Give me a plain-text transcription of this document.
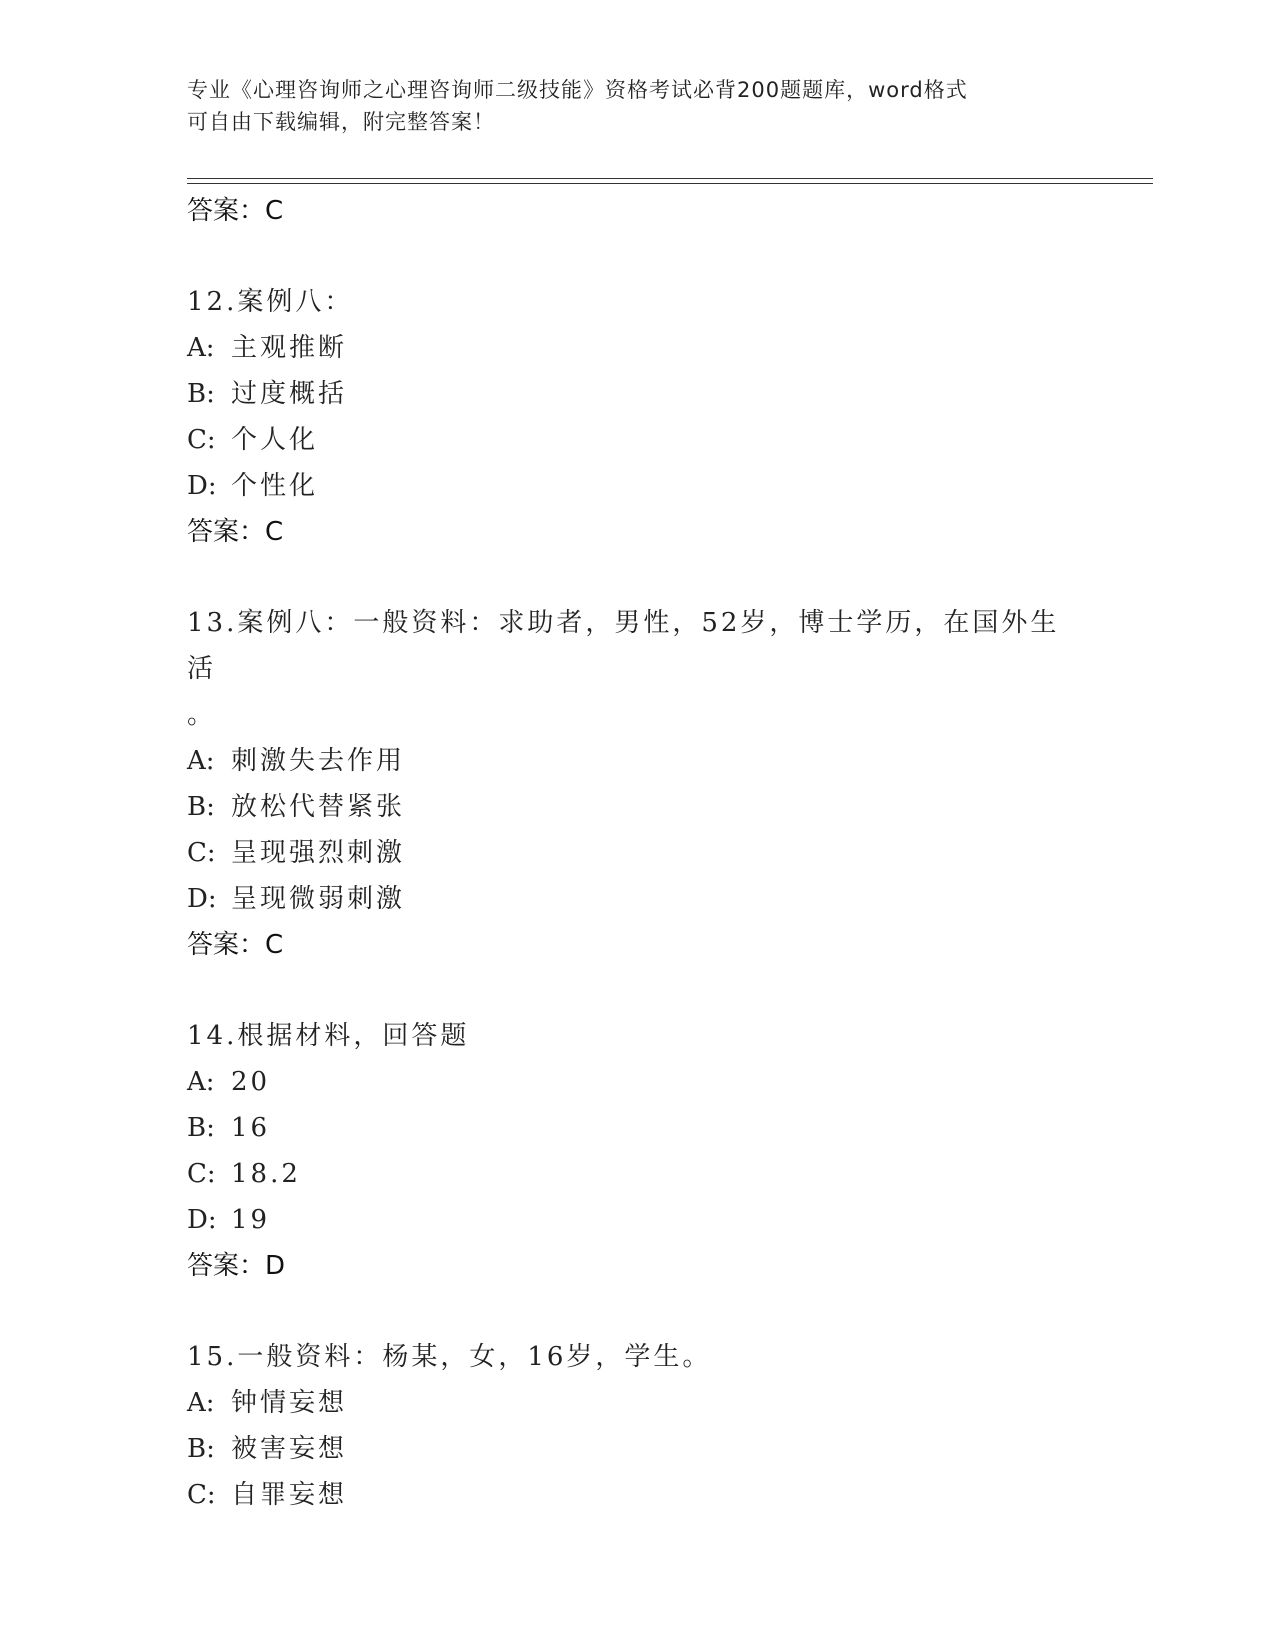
专业《心理咨询师之心理咨询师二级技能》资格考试必背200题题库，word格式
可自由下载编辑，附完整答案！
答案：C
12.案例八：
A: 主观推断
B: 过度概括
C: 个人化
D: 个性化
答案：C
13.案例八：一般资料：求助者，男性，52岁，博士学历，在国外生活
。
A: 刺激失去作用
B: 放松代替紧张
C: 呈现强烈刺激
D: 呈现微弱刺激
答案：C
14.根据材料，回答题
A: 20
B: 16
C: 18.2
D: 19
答案：D
15.一般资料：杨某，女，16岁，学生。
A: 钟情妄想
B: 被害妄想
C: 自罪妄想
